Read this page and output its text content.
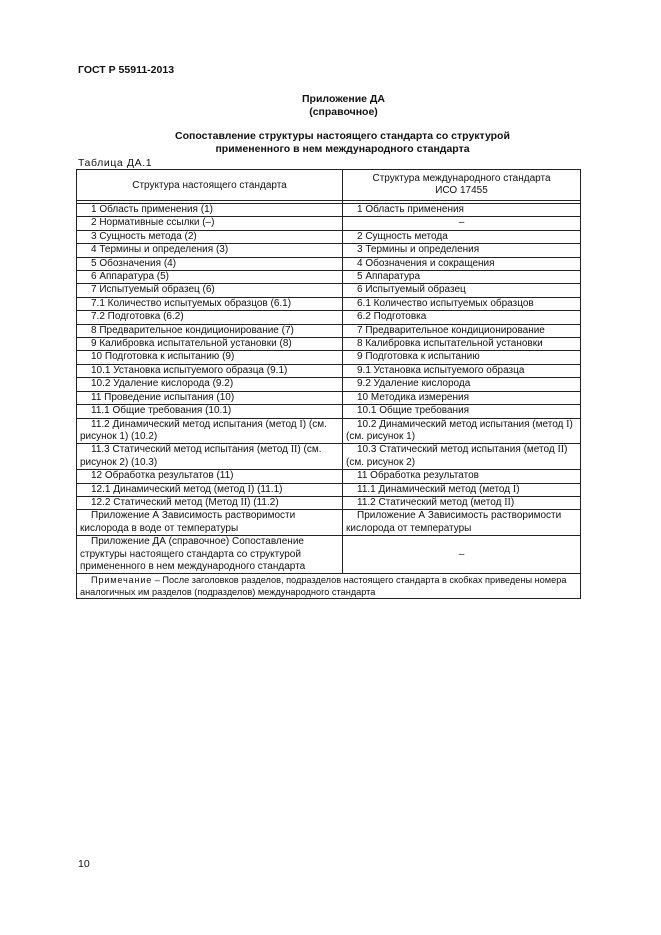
ГОСТ Р 55911-2013
Приложение ДА
(справочное)
Сопоставление структуры настоящего стандарта со структурой
примененного в нем международного стандарта
Таблица ДА.1
Структура настоящего стандарта	Структура международного стандарта
ИСО 17455

1 Область применения (1)	1 Область применения
2 Нормативные ссылки (–)	–
3 Сущность метода (2)	2 Сущность метода
4 Термины и определения (3)	3 Термины и определения
5 Обозначения (4)	4 Обозначения и сокращения
6 Аппаратура (5)	5 Аппаратура
7 Испытуемый образец (6)	6 Испытуемый образец
7.1 Количество испытуемых образцов (6.1)	6.1 Количество испытуемых образцов
7.2 Подготовка (6.2)	6.2 Подготовка
8 Предварительное кондиционирование (7)	7 Предварительное кондиционирование
9 Калибровка испытательной установки (8)	8 Калибровка испытательной установки
10 Подготовка к испытанию (9)	9 Подготовка к испытанию
10.1 Установка испытуемого образца (9.1)	9.1 Установка испытуемого образца
10.2 Удаление кислорода (9.2)	9.2 Удаление кислорода
11 Проведение испытания (10)	10 Методика измерения
11.1 Общие требования (10.1)	10.1 Общие требования
11.2 Динамический метод испытания (метод I) (см. рисунок 1) (10.2)	10.2 Динамический метод испытания (метод I) (см. рисунок 1)
11.3 Статический метод испытания (метод II) (см. рисунок 2) (10.3)	10.3 Статический метод испытания (метод II) (см. рисунок 2)
12 Обработка результатов (11)	11 Обработка результатов
12.1 Динамический метод (метод I) (11.1)	11.1 Динамический метод (метод I)
12.2 Статический метод (Метод II) (11.2)	11.2 Статический метод (метод II)
Приложение А Зависимость растворимости кислорода в воде от температуры	Приложение А Зависимость растворимости кислорода от температуры
Приложение ДА (справочное) Сопоставление структуры настоящего стандарта со структурой примененного в нем международного стандарта	–
Примечание – После заголовков разделов, подразделов настоящего стандарта в скобках приведены номера аналогичных им разделов (подразделов) международного стандарта	
10
